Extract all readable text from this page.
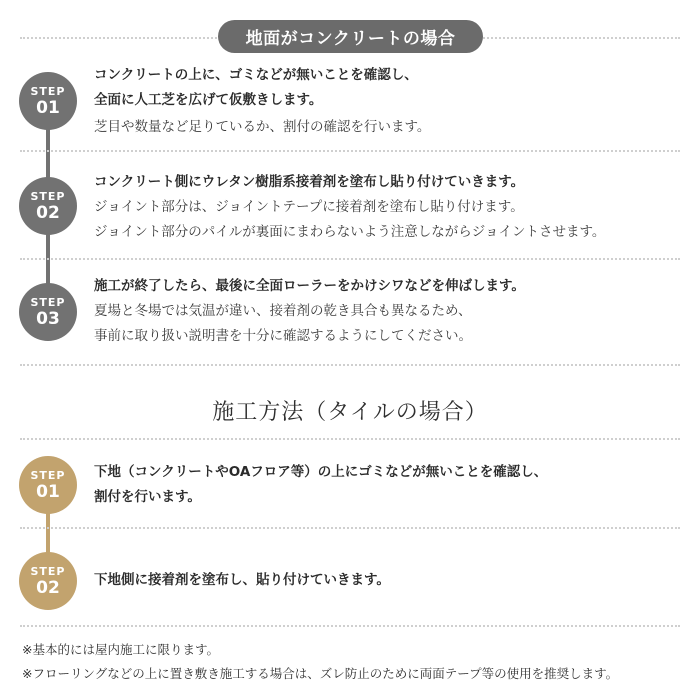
地面がコンクリートの場合
STEP
01
コンクリートの上に、ゴミなどが無いことを確認し、
全面に人工芝を広げて仮敷きします。
芝目や数量など足りているか、割付の確認を行います。
STEP
02
コンクリート側にウレタン樹脂系接着剤を塗布し貼り付けていきます。
ジョイント部分は、ジョイントテープに接着剤を塗布し貼り付けます。
ジョイント部分のパイルが裏面にまわらないよう注意しながらジョイントさせます。
STEP
03
施工が終了したら、最後に全面ローラーをかけシワなどを伸ばします。
夏場と冬場では気温が違い、接着剤の乾き具合も異なるため、
事前に取り扱い説明書を十分に確認するようにしてください。
施工方法（タイルの場合）
STEP
01
下地（コンクリートやOAフロア等）の上にゴミなどが無いことを確認し、
割付を行います。
STEP
02	下地側に接着剤を塗布し、貼り付けていきます。
※基本的には屋内施工に限ります。
※フローリングなどの上に置き敷き施工する場合は、ズレ防止のために両面テープ等の使用を推奨します。
